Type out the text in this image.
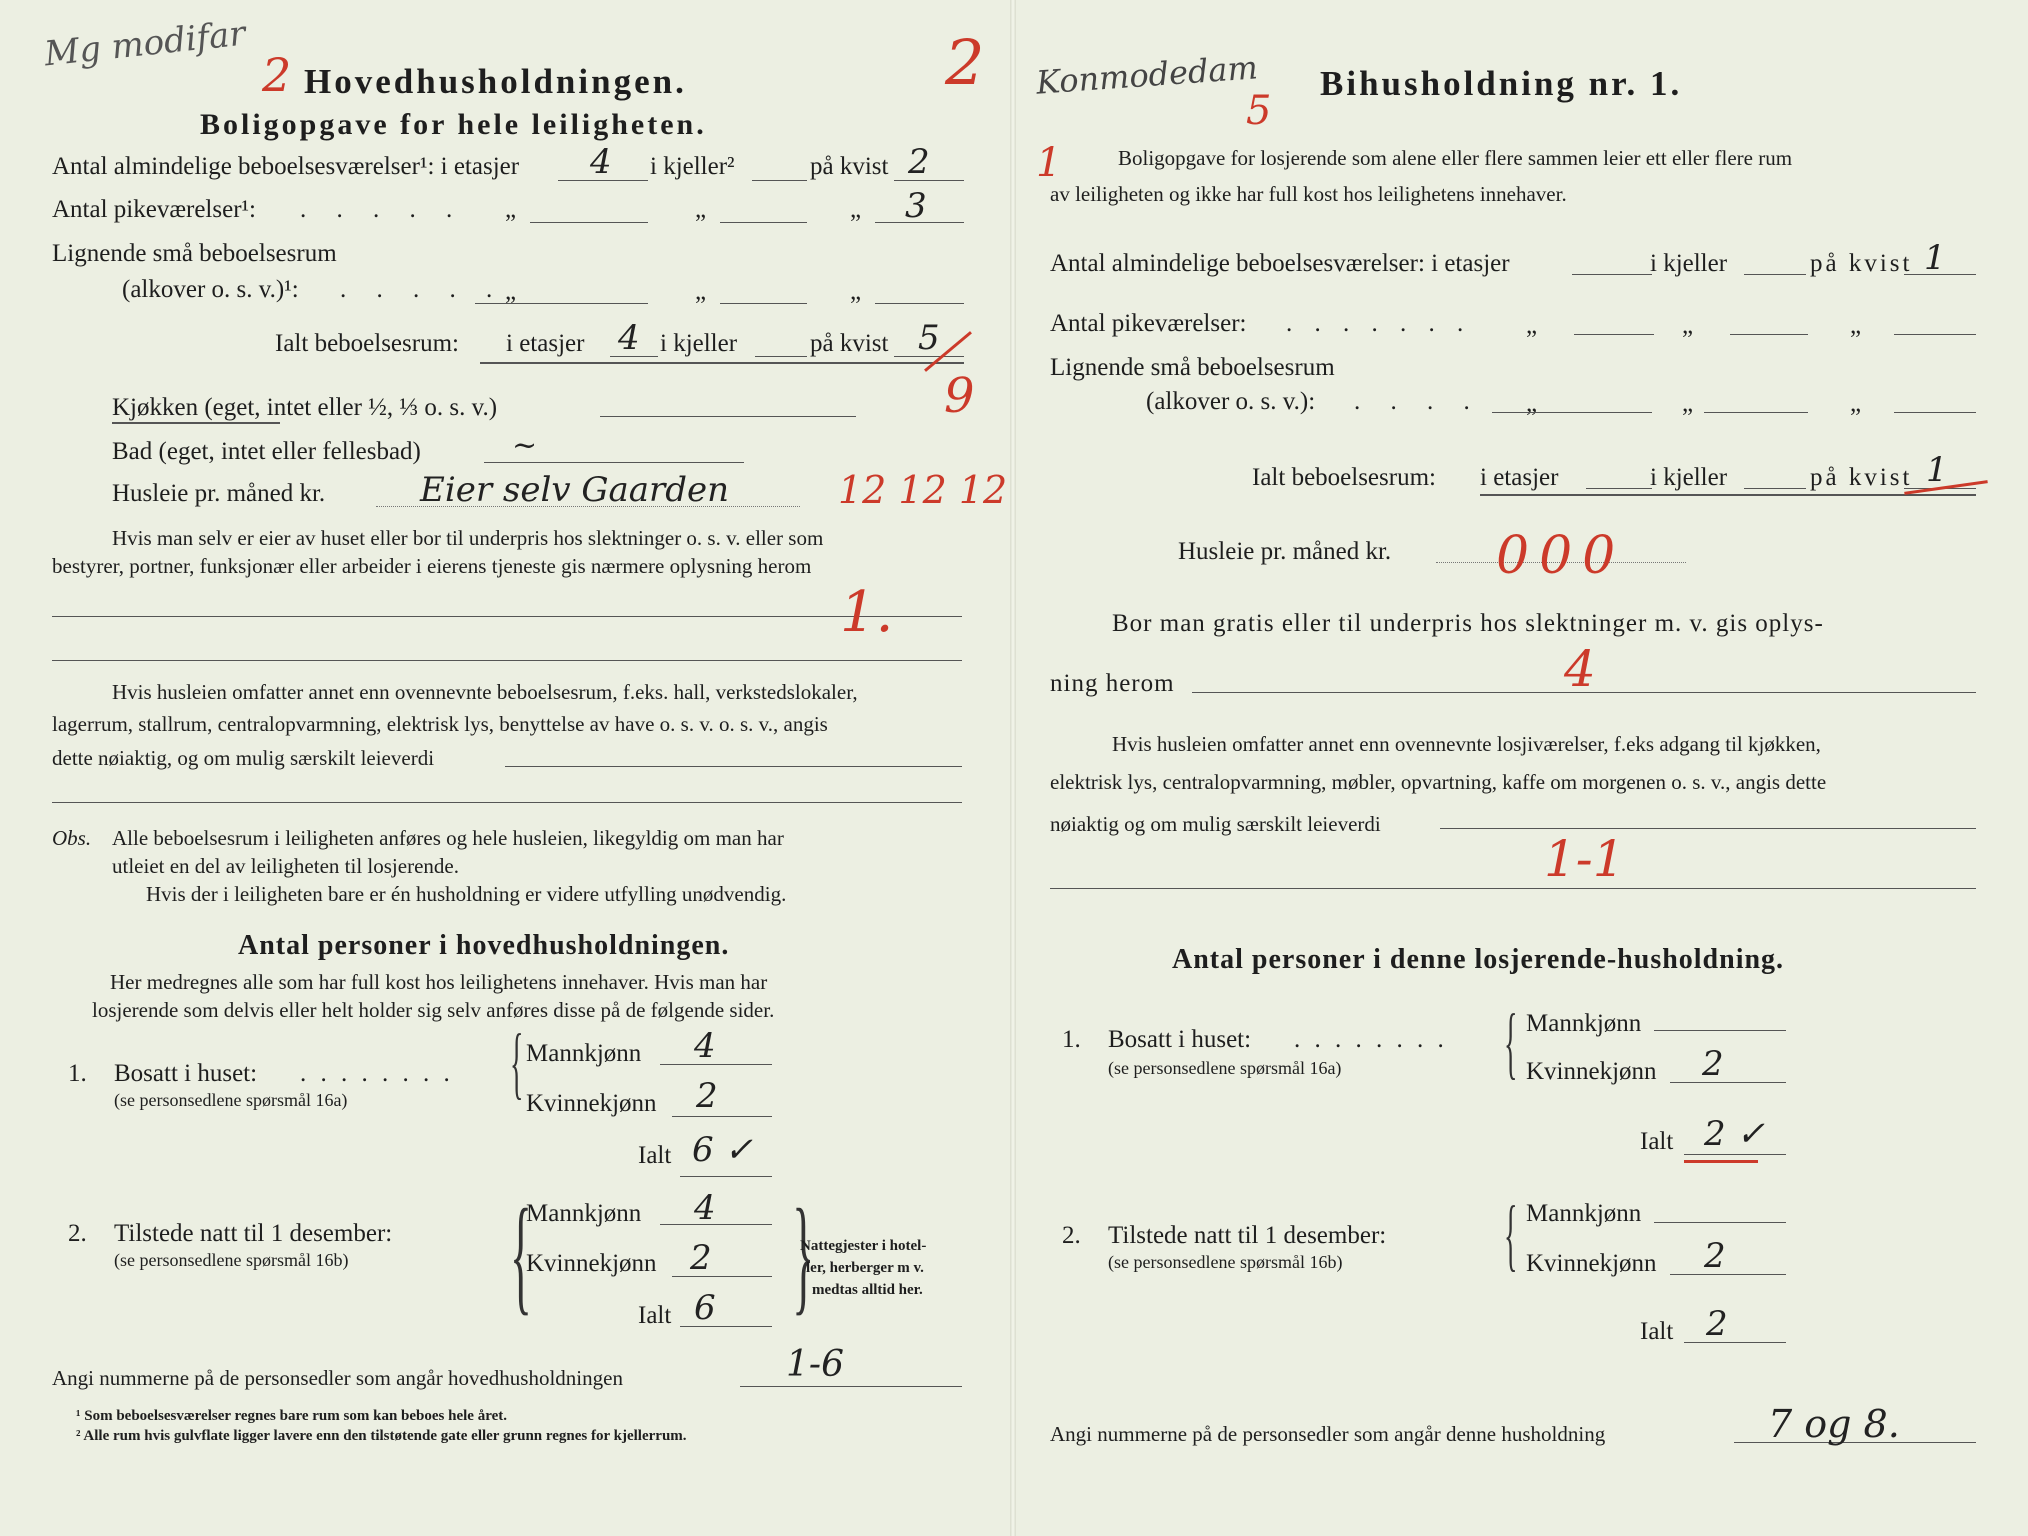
Mg modifar
2	2
Hovedhusholdningen.
Boligopgave for hele leiligheten.
Antal almindelige beboelsesværelser¹: i etasjer 4 i kjeller²	på kvist 2
Antal pikeværelser¹: . . . . . „	„	„ 3
Lignende små beboelsesrum
(alkover o. s. v.)¹: . . . . . „	„	„
Ialt beboelsesrum: i etasjer 4 i kjeller	på kvist 5
9
Kjøkken (eget, intet eller ½, ⅓ o. s. v.)
Bad (eget, intet eller fellesbad)	~
Husleie pr. måned kr.	Eier selv Gaarden	12 12 12
Hvis man selv er eier av huset eller bor til underpris hos slektninger o. s. v. eller som
bestyrer, portner, funksjonær eller arbeider i eierens tjeneste gis nærmere oplysning herom
1.
Hvis husleien omfatter annet enn ovennevnte beboelsesrum, f.eks. hall, verkstedslokaler,
lagerrum, stallrum, centralopvarmning, elektrisk lys, benyttelse av have o. s. v. o. s. v., angis
dette nøiaktig, og om mulig særskilt leieverdi
Obs. Alle beboelsesrum i leiligheten anføres og hele husleien, likegyldig om man har
utleiet en del av leiligheten til losjerende.
Hvis der i leiligheten bare er én husholdning er videre utfylling unødvendig.
Antal personer i hovedhusholdningen.
Her medregnes alle som har full kost hos leilighetens innehaver. Hvis man har
losjerende som delvis eller helt holder sig selv anføres disse på de følgende sider.
1. Bosatt i huset: . . . . . . . .
(se personsedlene spørsmål 16a) { Mannkjønn 4
Kvinnekjønn 2
Ialt 6 ✓
2. Tilstede natt til 1 desember:
(se personsedlene spørsmål 16b) {
Mannkjønn 4
Kvinnekjønn 2
Ialt 6 {
Nattegjester i hotel-
ler, herberger m v.
medtas alltid her.
Angi nummerne på de personsedler som angår hovedhusholdningen	1-6
¹ Som beboelsesværelser regnes bare rum som kan beboes hele året.
² Alle rum hvis gulvflate ligger lavere enn den tilstøtende gate eller grunn regnes for kjellerrum.
Konmodedam
5
Bihusholdning nr. 1.
1	Boligopgave for losjerende som alene eller flere sammen leier ett eller flere rum
av leiligheten og ikke har full kost hos leilighetens innehaver.
Antal almindelige beboelsesværelser: i etasjer	i kjeller	på kvist 1
Antal pikeværelser: . . . . . . . „	„	„
Lignende små beboelsesrum
(alkover o. s. v.): . . . . „	„	„
Ialt beboelsesrum: i etasjer	i kjeller	på kvist 1
Husleie pr. måned kr. 000
Bor man gratis eller til underpris hos slektninger m. v. gis oplys-
ning herom	4
Hvis husleien omfatter annet enn ovennevnte losjiværelser, f.eks adgang til kjøkken,
elektrisk lys, centralopvarmning, møbler, opvartning, kaffe om morgenen o. s. v., angis dette
nøiaktig og om mulig særskilt leieverdi
1-1
Antal personer i denne losjerende-husholdning.
1. Bosatt i huset: . . . . . . . .
(se personsedlene spørsmål 16a) { Mannkjønn
Kvinnekjønn 2
Ialt 2 ✓
2. Tilstede natt til 1 desember:
(se personsedlene spørsmål 16b) { Mannkjønn
Kvinnekjønn 2
Ialt 2
Angi nummerne på de personsedler som angår denne husholdning	7 og 8.
